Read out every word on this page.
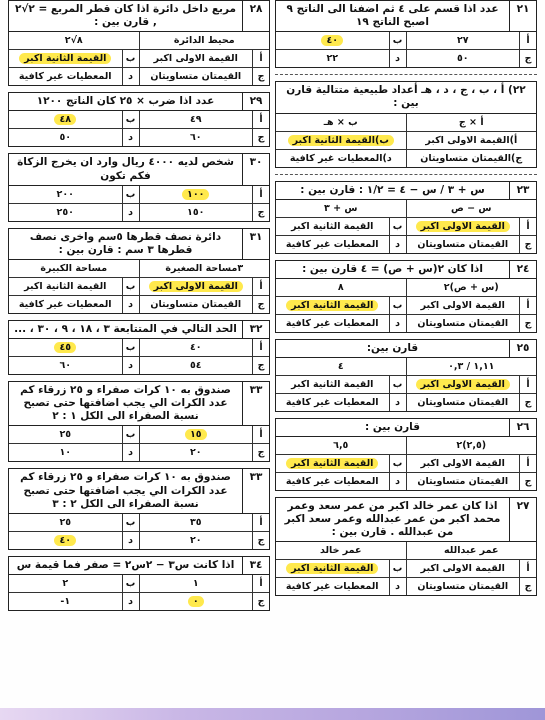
٢١
عدد اذا قسم على ٤ ثم اضفنا الى الناتج ٩ اصبح الناتج ١٩
أ
٢٧
ب
٤٠
ج
٥٠
د
٢٢
٢٢) أ ، ب ، ج ، د ، هـ أعداد طبيعية متتالية قارن بين :
أ × ج
ب × هـ
أ
)
القيمة الاولى اكبر
ب)القيمة الثانية اكبر
ج
)
القيمتان متساويتان
د
)
المعطيات غير كافية
٢٣
س + ٣ / س − ٤ = ١/٢ : قارن بين :
س − ص
س + ٣
أ
القيمة الاولى اكبر
ب
القيمة الثانية اكبر
ج
القيمتان متساويتان
د
المعطيات غير كافية
٢٤
اذا كان ٢(س + ص) = ٤ قارن بين :
(س + ص)٢
٨
أ
القيمة الاولى اكبر
ب
القيمة الثانية اكبر
ج
القيمتان متساويتان
د
المعطيات غير كافية
٢٥
قارن بين:
١,١١ / ٠,٣
٤
أ
القيمة الاولى اكبر
ب
القيمة الثانية اكبر
ج
القيمتان متساويتان
د
المعطيات غير كافية
٢٦
قارن بين :
(٢,٥)٢
٦,٥
أ
القيمة الاولى اكبر
ب
القيمة الثانية اكبر
ج
القيمتان متساويتان
د
المعطيات غير كافية
٢٧
اذا كان عمر خالد اكبر من عمر سعد وعمر محمد اكبر من عمر عبدالله وعمر سعد اكبر من عبدالله . قارن بين :
عمر عبدالله
عمر خالد
أ
القيمة الاولى اكبر
ب
القيمة الثانية اكبر
ج
القيمتان متساويتان
د
المعطيات غير كافية
٢٨
مربع داخل دائرة اذا كان قطر المربع = ٢√٢ , قارن بين :
محيط الدائرة
٨√٢
أ
القيمة الاولى اكبر
ب
القيمة الثانية اكبر
ج
القيمتان متساويتان
د
المعطيات غير كافية
٢٩
عدد اذا ضرب × ٢٥ كان الناتج ١٢٠٠
أ
٤٩
ب
٤٨
ج
٦٠
د
٥٠
٣٠
شخص لديه ٤٠٠٠ ريال وارد ان يخرج الزكاة فكم تكون
أ
١٠٠
ب
٢٠٠
ج
١٥٠
د
٢٥٠
٣١
دائرة نصف قطرها ٥سم واخرى نصف قطرها ٣ سم : قارن بين :
٣مساحة الصغيرة
مساحة الكبيرة
أ
القيمة الاولى اكبر
ب
القيمة الثانية اكبر
ج
القيمتان متساويتان
د
المعطيات غير كافية
٣٢
الحد التالي في المتتابعة ٣ ، ١٨ ، ٩ ، ٣٠ ، ...
أ
٤٠
ب
٤٥
ج
٥٤
د
٦٠
٣٣
صندوق به ١٠ كرات صفراء و ٢٥ زرقاء كم عدد الكرات الي يجب اضافتها حتى تصبح نسبة الصفراء الى الكل ١ : ٢
أ
١٥
ب
٢٥
ج
٢٠
د
١٠
٣٣
صندوق به ١٠ كرات صفراء و ٢٥ زرقاء كم عدد الكرات الي يجب اضافتها حتى تصبح نسبة الصفراء الى الكل ٢ : ٣
أ
٣٥
ب
٢٥
ج
٢٠
د
٤٠
٣٤
اذا كانت س٣ − ٢س٢ = صفر فما قيمة س
أ
١
ب
٢
ج
٠
د
١-
